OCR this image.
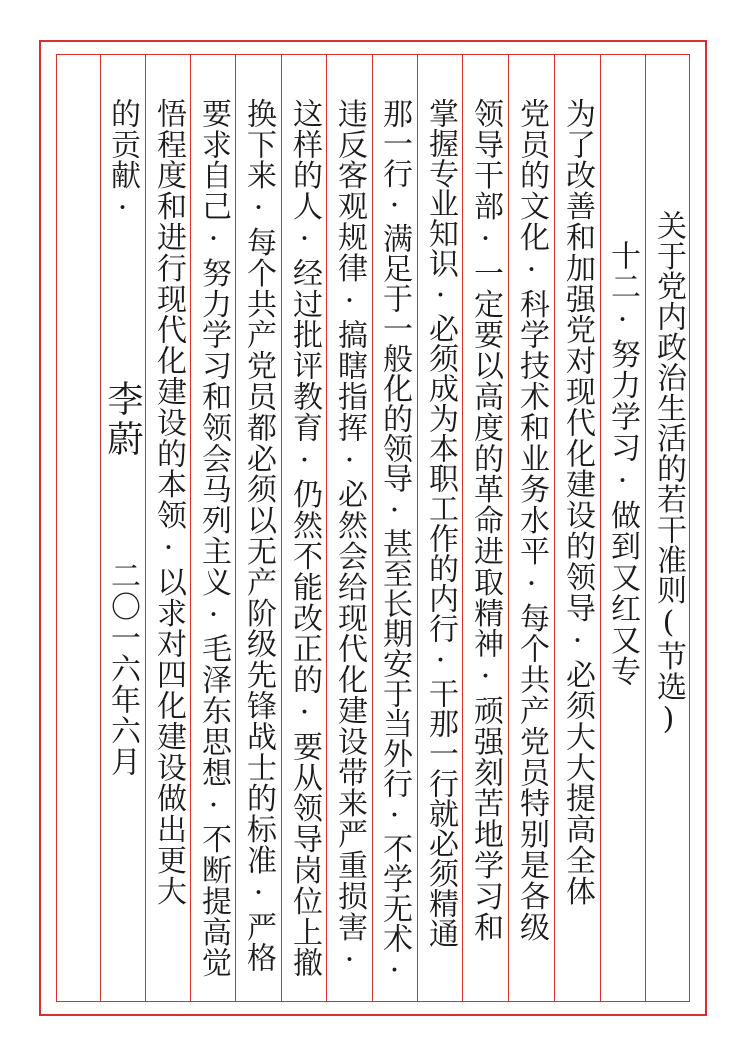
关于党内政治生活的若干准则(节选)
十二·努力学习·做到又红又专
为了改善和加强党对现代化建设的领导·必须大大提高全体
党员的文化·科学技术和业务水平·每个共产党员特别是各级
领导干部·一定要以高度的革命进取精神·顽强刻苦地学习和
掌握专业知识·必须成为本职工作的内行·干那一行就必须精通
那一行·满足于一般化的领导·甚至长期安于当外行·不学无术·
违反客观规律·搞瞎指挥·必然会给现代化建设带来严重损害·
这样的人·经过批评教育·仍然不能改正的·要从领导岗位上撤
换下来·每个共产党员都必须以无产阶级先锋战士的标准·严格
要求自己·努力学习和领会马列主义·毛泽东思想·不断提高觉
悟程度和进行现代化建设的本领·以求对四化建设做出更大
的贡献·
李蔚
二〇一六年六月
